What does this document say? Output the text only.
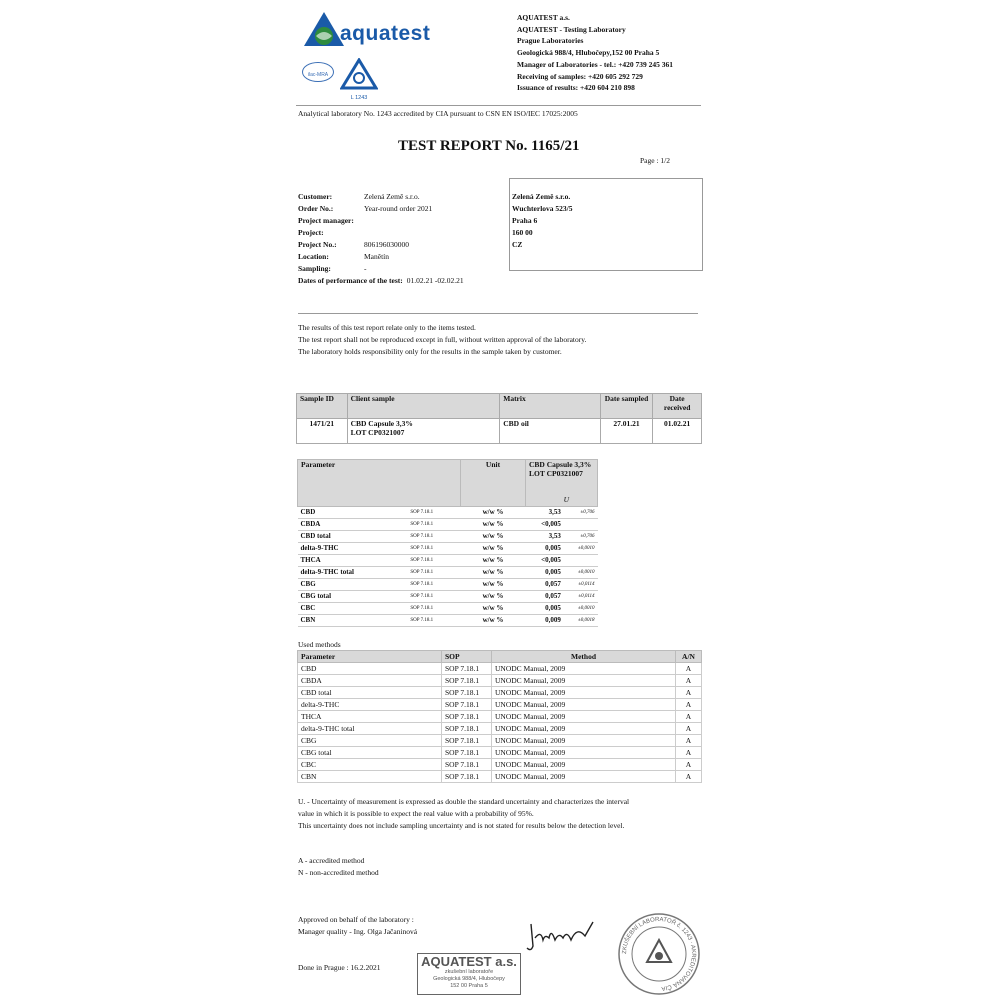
aquatest
ilac-MRA
L 1243
AQUATEST a.s.
AQUATEST - Testing Laboratory
Prague Laboratories
Geologická 988/4, Hlubočepy,152 00 Praha 5
Manager of Laboratories - tel.: +420 739 245 361
Receiving of samples: +420 605 292 729
Issuance of results: +420 604 210 898
Analytical laboratory No. 1243 accredited by CIA pursuant to CSN EN ISO/IEC 17025:2005
TEST REPORT No. 1165/21
Page : 1/2
Customer:	Zelená Země s.r.o.
Order No.:	Year-round order 2021
Project manager:
Project:
Project No.:	806196030000
Location:	Manětín
Sampling:	-
Dates of performance of the test: 01.02.21 -02.02.21
Zelená Země s.r.o.
Wuchterlova 523/5
Praha 6
160 00
CZ
The results of this test report relate only to the items tested.
The test report shall not be reproduced except in full, without written approval of the laboratory.
The laboratory holds responsibility only for the results in the sample taken by customer.
Sample ID	Client sample	Matrix	Date sampled	Date received
1471/21	CBD Capsule 3,3%
LOT CP0321007	CBD oil	27.01.21	01.02.21
Parameter		Unit	CBD Capsule 3,3%
LOT CP0321007
U	

CBD	SOP 7.18.1	w/w %	3,53	±0,706
CBDA	SOP 7.18.1	w/w %	<0,005	
CBD total	SOP 7.18.1	w/w %	3,53	±0,706
delta-9-THC	SOP 7.18.1	w/w %	0,005	±0,0010
THCA	SOP 7.18.1	w/w %	<0,005	
delta-9-THC total	SOP 7.18.1	w/w %	0,005	±0,0010
CBG	SOP 7.18.1	w/w %	0,057	±0,0114
CBG total	SOP 7.18.1	w/w %	0,057	±0,0114
CBC	SOP 7.18.1	w/w %	0,005	±0,0010
CBN	SOP 7.18.1	w/w %	0,009	±0,0018
Used methods
Parameter	SOP	Method	A/N
CBD	SOP 7.18.1	UNODC Manual, 2009	A
CBDA	SOP 7.18.1	UNODC Manual, 2009	A
CBD total	SOP 7.18.1	UNODC Manual, 2009	A
delta-9-THC	SOP 7.18.1	UNODC Manual, 2009	A
THCA	SOP 7.18.1	UNODC Manual, 2009	A
delta-9-THC total	SOP 7.18.1	UNODC Manual, 2009	A
CBG	SOP 7.18.1	UNODC Manual, 2009	A
CBG total	SOP 7.18.1	UNODC Manual, 2009	A
CBC	SOP 7.18.1	UNODC Manual, 2009	A
CBN	SOP 7.18.1	UNODC Manual, 2009	A
U. - Uncertainty of measurement is expressed as double the standard uncertainty and characterizes the interval
value in which it is possible to expect the real value with a probability of 95%.
This uncertainty does not include sampling uncertainty and is not stated for results below the detection level.
A - accredited method
N - non-accredited method
Approved on behalf of the laboratory :
Manager quality - Ing. Olga Jačaninová
Done in Prague : 16.2.2021	AQUATEST a.s.
zkušební laboratoře
Geologická 988/4, Hlubočepy
152 00 Praha 5
ZKUŠEBNÍ LABORATOŘ č. 1243 · AKREDITOVANÁ ČIA
